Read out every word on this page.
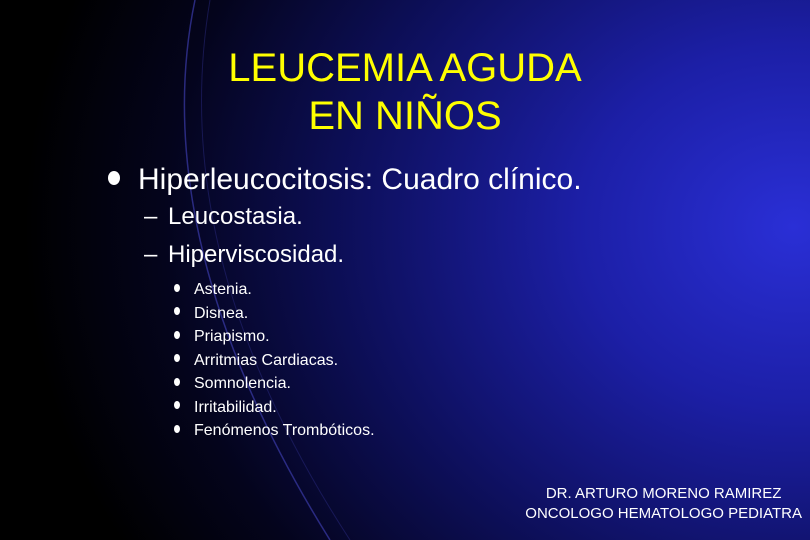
LEUCEMIA AGUDA
EN NIÑOS
Hiperleucocitosis: Cuadro clínico.
– Leucostasia.
– Hiperviscosidad.
Astenia.
Disnea.
Priapismo.
Arritmias Cardiacas.
Somnolencia.
Irritabilidad.
Fenómenos Trombóticos.
DR. ARTURO MORENO RAMIREZ
ONCOLOGO HEMATOLOGO PEDIATRA
